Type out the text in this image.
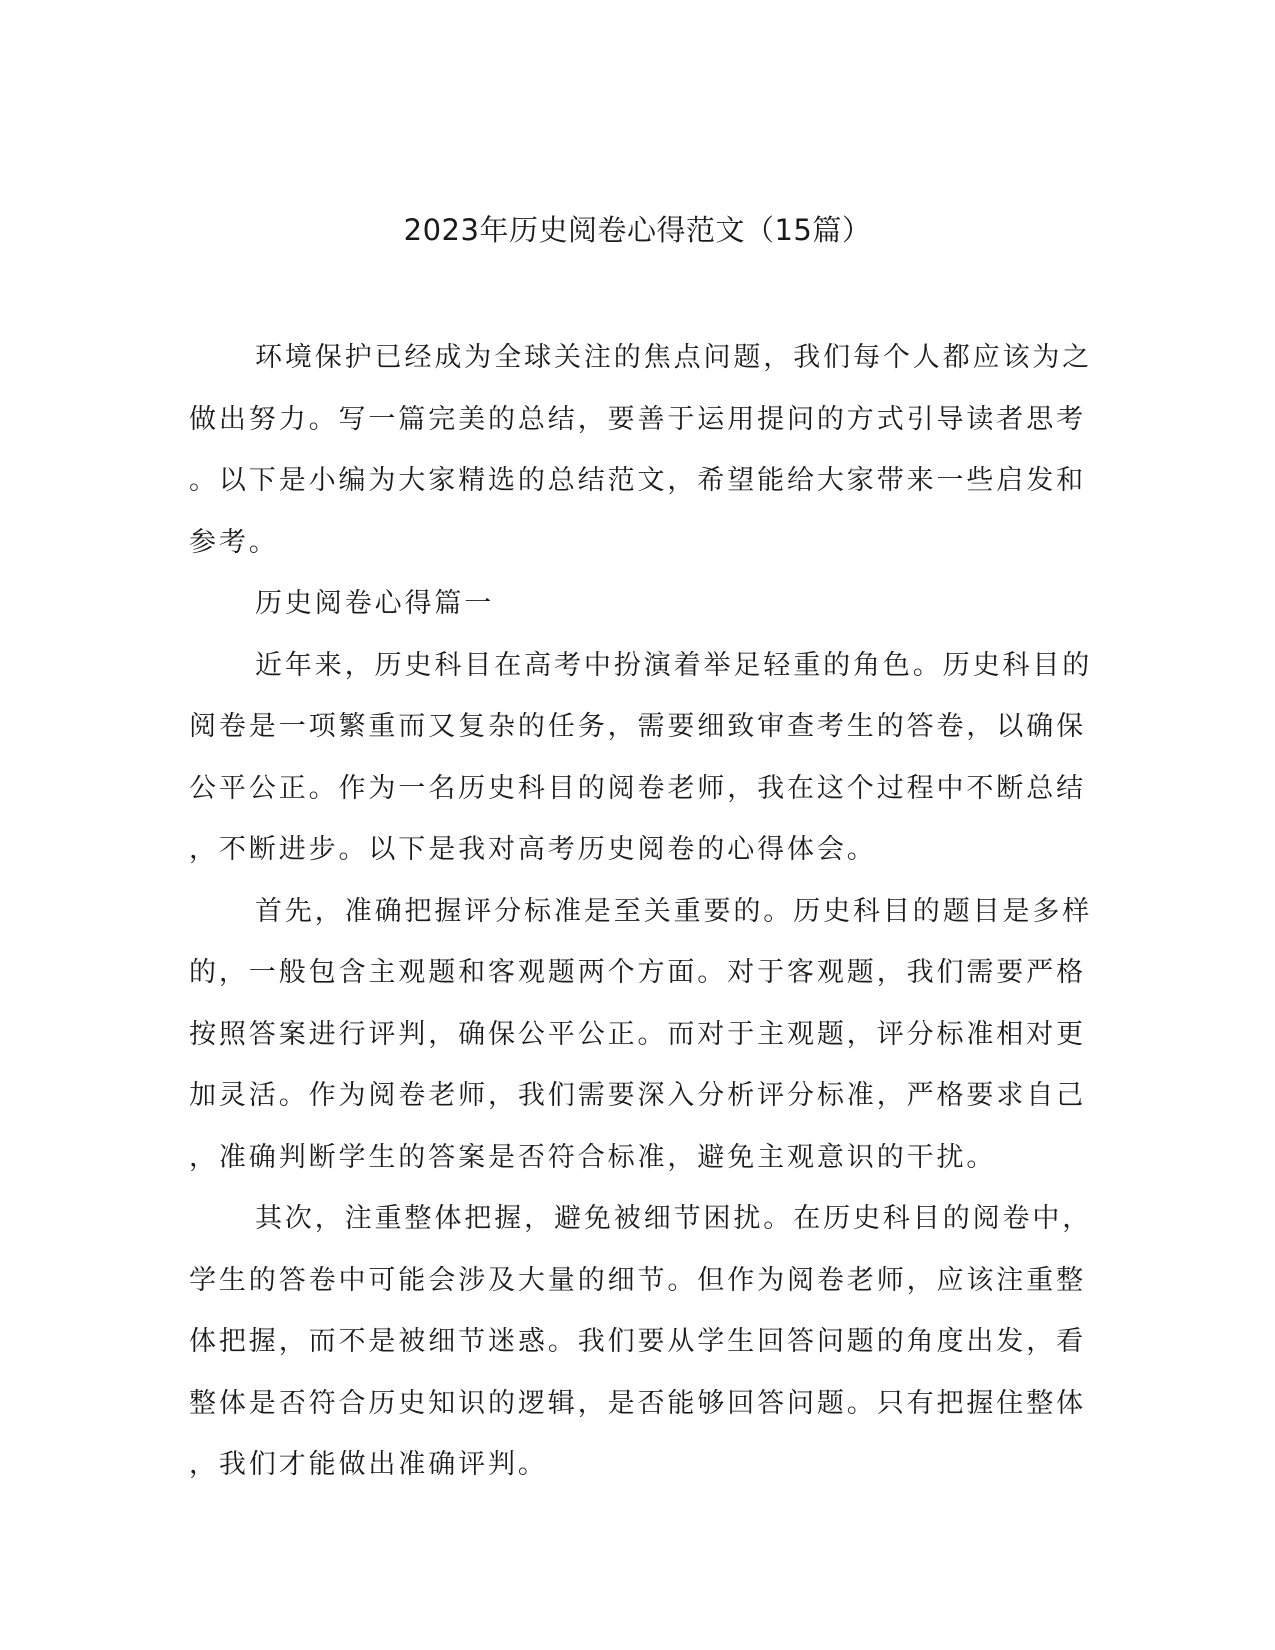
2023年历史阅卷心得范文（15篇）
环境保护已经成为全球关注的焦点问题，我们每个人都应该为之
做出努力。写一篇完美的总结，要善于运用提问的方式引导读者思考
。以下是小编为大家精选的总结范文，希望能给大家带来一些启发和
参考。
历史阅卷心得篇一
近年来，历史科目在高考中扮演着举足轻重的角色。历史科目的
阅卷是一项繁重而又复杂的任务，需要细致审查考生的答卷，以确保
公平公正。作为一名历史科目的阅卷老师，我在这个过程中不断总结
，不断进步。以下是我对高考历史阅卷的心得体会。
首先，准确把握评分标准是至关重要的。历史科目的题目是多样
的，一般包含主观题和客观题两个方面。对于客观题，我们需要严格
按照答案进行评判，确保公平公正。而对于主观题，评分标准相对更
加灵活。作为阅卷老师，我们需要深入分析评分标准，严格要求自己
，准确判断学生的答案是否符合标准，避免主观意识的干扰。
其次，注重整体把握，避免被细节困扰。在历史科目的阅卷中，
学生的答卷中可能会涉及大量的细节。但作为阅卷老师，应该注重整
体把握，而不是被细节迷惑。我们要从学生回答问题的角度出发，看
整体是否符合历史知识的逻辑，是否能够回答问题。只有把握住整体
，我们才能做出准确评判。
